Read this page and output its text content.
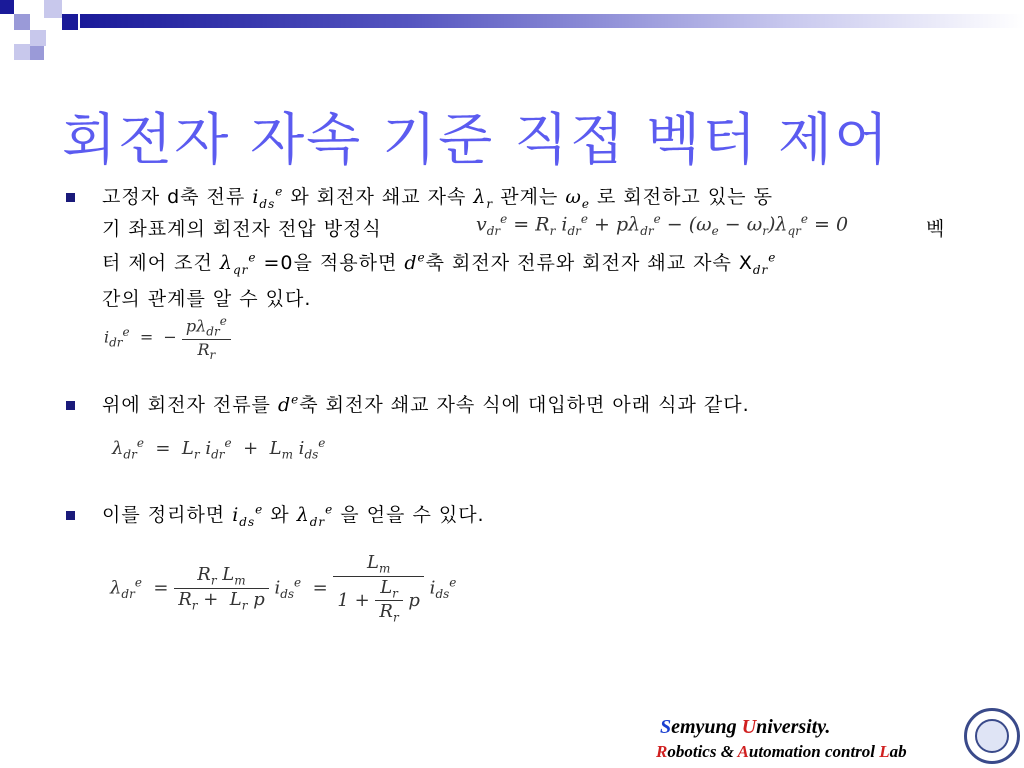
회전자 자속 기준 직접 벡터 제어
고정자 d축 전류 $i_{ds}^e$ 와 회전자 쇄교 자속 $\lambda_r$ 관계는 $\omega_e$ 로 회전하고 있는 동
기 좌표계의 회전자 전압 방정식	$v_{dr}^e = R_r$ $i_{dr}^e + p\lambda_{dr}^e - (\omega_e - \omega_r)\lambda_{qr}^e = 0$	벡
터 제어 조건 $\lambda_{qr}^e =0$을 적용하면 $d^e$축 회전자 전류와 회전자 쇄교 자속 $X_{dr}^e$
간의 관계를 알 수 있다.
$i_{dr}^e$  =  − $\frac{p\lambda_{dr}^e}{R_r}$
위에 회전자 전류를 $d^e$축 회전자 쇄교 자속 식에 대입하면 아래 식과 같다.
$\lambda_{dr}^e = L_r$ $i_{dr}^e + L_m$ $i_{ds}^e$
이를 정리하면 $i_{ds}^e$ 와 $\lambda_{dr}^e$ 을 얻을 수 있다.
$\lambda_{dr}^e = \frac{R_r L_m}{R_r + L_r p} i_{ds}^e = \frac{L_m}{1 + \frac{L_r}{R_r} p} i_{ds}^e$
Semyung University.
Robotics & Automation control Lab
